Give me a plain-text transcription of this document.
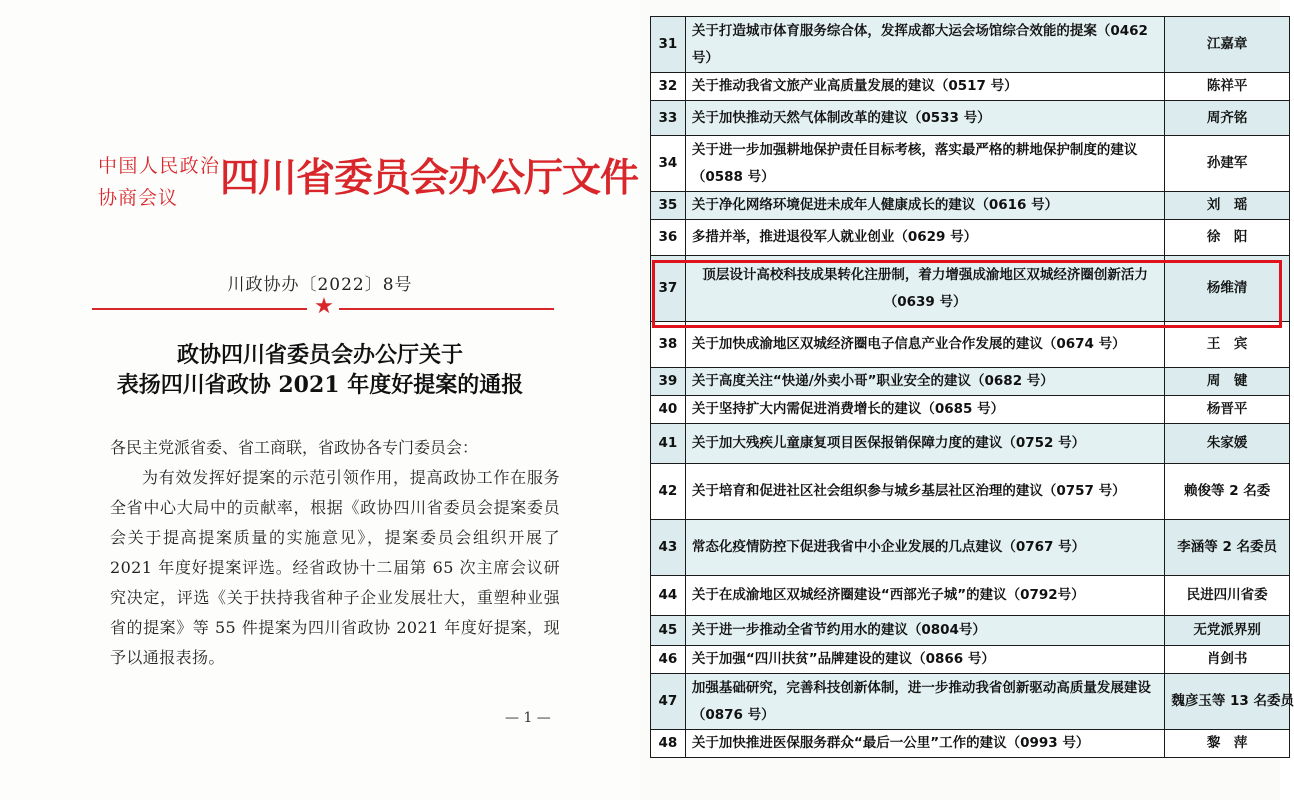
中国人民政治协商会议	四川省委员会办公厅文件
川政协办〔2022〕8号
★
政协四川省委员会办公厅关于
表扬四川省政协 2021 年度好提案的通报

各民主党派省委、省工商联，省政协各专门委员会：

为有效发挥好提案的示范引领作用，提高政协工作在服务全省中心大局中的贡献率，根据《政协四川省委员会提案委员会关于提高提案质量的实施意见》，提案委员会组织开展了 2021 年度好提案评选。经省政协十二届第 65 次主席会议研究决定，评选《关于扶持我省种子企业发展壮大，重塑种业强省的提案》等 55 件提案为四川省政协 2021 年度好提案，现予以通报表扬。

— 1 —
31	关于打造城市体育服务综合体，发挥成都大运会场馆综合效能的提案（0462 号）	江嘉章
32	关于推动我省文旅产业高质量发展的建议（0517 号）	陈祥平
33	关于加快推动天然气体制改革的建议（0533 号）	周齐铭
34	关于进一步加强耕地保护责任目标考核，落实最严格的耕地保护制度的建议（0588 号）	孙建军
35	关于净化网络环境促进未成年人健康成长的建议（0616 号）	刘　瑶
36	多措并举，推进退役军人就业创业（0629 号）	徐　阳
37	顶层设计高校科技成果转化注册制，着力增强成渝地区双城经济圈创新活力（0639 号）	杨维清
38	关于加快成渝地区双城经济圈电子信息产业合作发展的建议（0674 号）	王　宾
39	关于高度关注“快递/外卖小哥”职业安全的建议（0682 号）	周　键
40	关于坚持扩大内需促进消费增长的建议（0685 号）	杨晋平
41	关于加大残疾儿童康复项目医保报销保障力度的建议（0752 号）	朱家媛
42	关于培育和促进社区社会组织参与城乡基层社区治理的建议（0757 号）	赖俊等 2 名委
43	常态化疫情防控下促进我省中小企业发展的几点建议（0767 号）	李涵等 2 名委员
44	关于在成渝地区双城经济圈建设“西部光子城”的建议（0792号）	民进四川省委
45	关于进一步推动全省节约用水的建议（0804号）	无党派界别
46	关于加强“四川扶贫”品牌建设的建议（0866 号）	肖剑书
47	加强基础研究，完善科技创新体制，进一步推动我省创新驱动高质量发展建设（0876 号）	魏彦玉等 13 名委员
48	关于加快推进医保服务群众“最后一公里”工作的建议（0993 号）	黎　萍
